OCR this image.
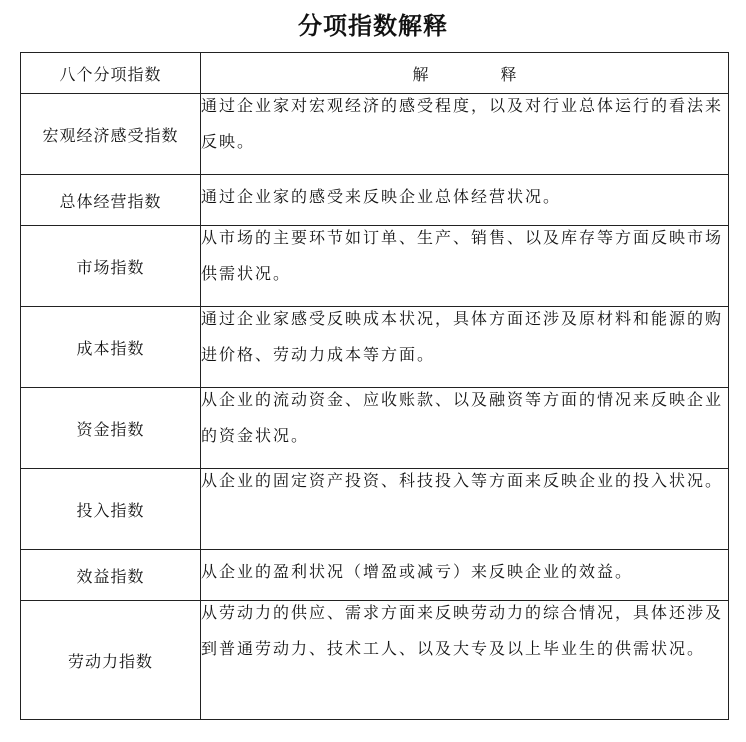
分项指数解释
八个分项指数	解 释
宏观经济感受指数	通过企业家对宏观经济的感受程度，以及对行业总体运行的看法来反映。

总体经营指数	通过企业家的感受来反映企业总体经营状况。

市场指数	从市场的主要环节如订单、生产、销售、以及库存等方面反映市场供需状况。

成本指数	通过企业家感受反映成本状况，具体方面还涉及原材料和能源的购进价格、劳动力成本等方面。

资金指数	从企业的流动资金、应收账款、以及融资等方面的情况来反映企业的资金状况。

投入指数	从企业的固定资产投资、科技投入等方面来反映企业的投入状况。

效益指数	从企业的盈利状况（增盈或减亏）来反映企业的效益。

劳动力指数	从劳动力的供应、需求方面来反映劳动力的综合情况，具体还涉及到普通劳动力、技术工人、以及大专及以上毕业生的供需状况。
